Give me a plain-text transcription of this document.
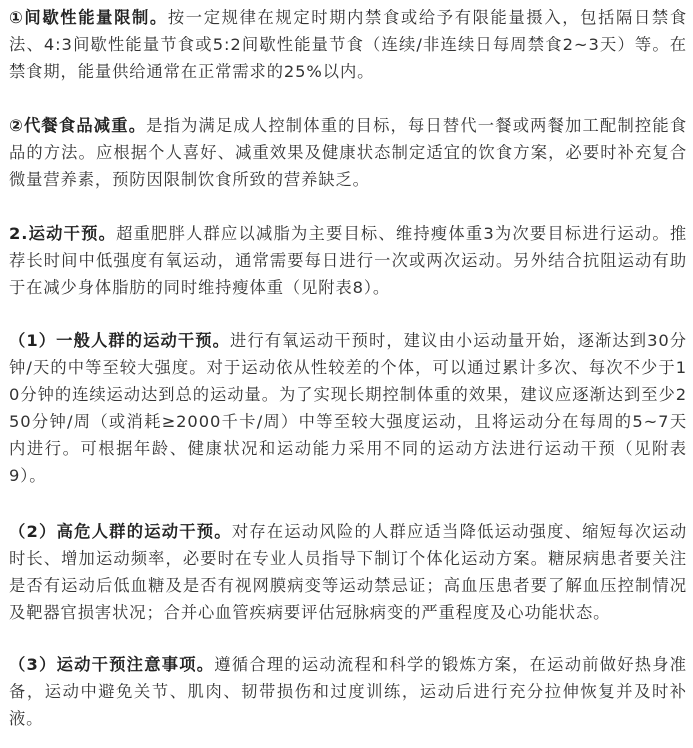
①间歇性能量限制。按一定规律在规定时期内禁食或给予有限能量摄入，包括隔日禁食法、4:3间歇性能量节食或5:2间歇性能量节食（连续/非连续日每周禁食2~3天）等。在禁食期，能量供给通常在正常需求的25%以内。

②代餐食品减重。是指为满足成人控制体重的目标，每日替代一餐或两餐加工配制控能食品的方法。应根据个人喜好、减重效果及健康状态制定适宜的饮食方案，必要时补充复合微量营养素，预防因限制饮食所致的营养缺乏。

2.运动干预。超重肥胖人群应以减脂为主要目标、维持瘦体重3为次要目标进行运动。推荐长时间中低强度有氧运动，通常需要每日进行一次或两次运动。另外结合抗阻运动有助于在减少身体脂肪的同时维持瘦体重（见附表8）。

（1）一般人群的运动干预。进行有氧运动干预时，建议由小运动量开始，逐渐达到30分钟/天的中等至较大强度。对于运动依从性较差的个体，可以通过累计多次、每次不少于10分钟的连续运动达到总的运动量。为了实现长期控制体重的效果，建议应逐渐达到至少250分钟/周（或消耗≥2000千卡/周）中等至较大强度运动，且将运动分在每周的5~7天内进行。可根据年龄、健康状况和运动能力采用不同的运动方法进行运动干预（见附表9）。

（2）高危人群的运动干预。对存在运动风险的人群应适当降低运动强度、缩短每次运动时长、增加运动频率，必要时在专业人员指导下制订个体化运动方案。糖尿病患者要关注是否有运动后低血糖及是否有视网膜病变等运动禁忌证；高血压患者要了解血压控制情况及靶器官损害状况；合并心血管疾病要评估冠脉病变的严重程度及心功能状态。

（3）运动干预注意事项。遵循合理的运动流程和科学的锻炼方案，在运动前做好热身准备，运动中避免关节、肌肉、韧带损伤和过度训练，运动后进行充分拉伸恢复并及时补液。
